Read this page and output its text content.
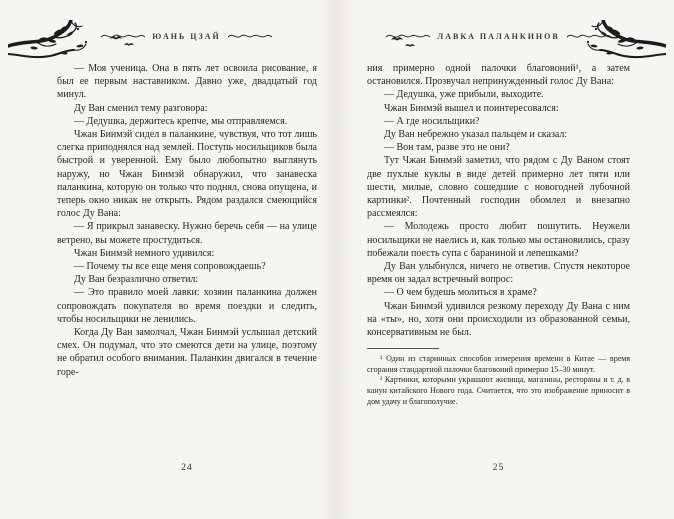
ЮАНЬ ЦЗАЙ

— Моя ученица. Она в пять лет освоила рисование, я был ее первым наставником. Давно уже, двадцатый год минул.

Ду Ван сменил тему разговора:

— Дедушка, держитесь крепче, мы отправляемся.

Чжан Бинмэй сидел в паланкине, чувствуя, что тот лишь слегка приподнялся над землей. Поступь носильщиков была быстрой и уверенной. Ему было любопытно выглянуть наружу, но Чжан Бинмэй обнаружил, что занавеска паланкина, которую он только что поднял, снова опущена, и теперь окно никак не открыть. Рядом раздался смеющийся голос Ду Вана:

— Я прикрыл занавеску. Нужно беречь себя — на улице ветрено, вы можете простудиться.

Чжан Бинмэй немного удивился:

— Почему ты все еще меня сопровождаешь?

Ду Ван безразлично ответил:

— Это правило моей лавки: хозяин паланкина должен сопровождать покупателя во время поездки и следить, чтобы носильщики не ленились.

Когда Ду Ван замолчал, Чжан Бинмэй услышал детский смех. Он подумал, что это смеются дети на улице, поэтому не обратил особого внимания. Паланкин двигался в течение горе-

24
ЛАВКА ПАЛАНКИНОВ

ния примерно одной палочки благовоний¹, а затем остановился. Прозвучал непринужденный голос Ду Вана:

— Дедушка, уже прибыли, выходите.

Чжан Бинмэй вышел и поинтересовался:

— А где носильщики?

Ду Ван небрежно указал пальцем и сказал:

— Вон там, разве это не они?

Тут Чжан Бинмэй заметил, что рядом с Ду Ваном стоят две пухлые куклы в виде детей примерно лет пяти или шести, милые, словно сошедшие с новогодней лубочной картинки². Почтенный господин обомлел и внезапно рассмеялся:

— Молодежь просто любит пошутить. Неужели носильщики не наелись и, как только мы остановились, сразу побежали поесть супа с бараниной и лепешками?

Ду Ван улыбнулся, ничего не ответив. Спустя некоторое время он задал встречный вопрос:

— О чем будешь молиться в храме?

Чжан Бинмэй удивился резкому переходу Ду Вана с ним на «ты», но, хотя они происходили из образованной семьи, консервативным не был.

¹ Один из старинных способов измерения времени в Китае — время сгорания стандартной палочки благовоний примерно 15–30 минут.

² Картинки, которыми украшают жилища, магазины, рестораны и т. д. в канун китайского Нового года. Считается, что это изображение приносит в дом удачу и благополучие.

25
